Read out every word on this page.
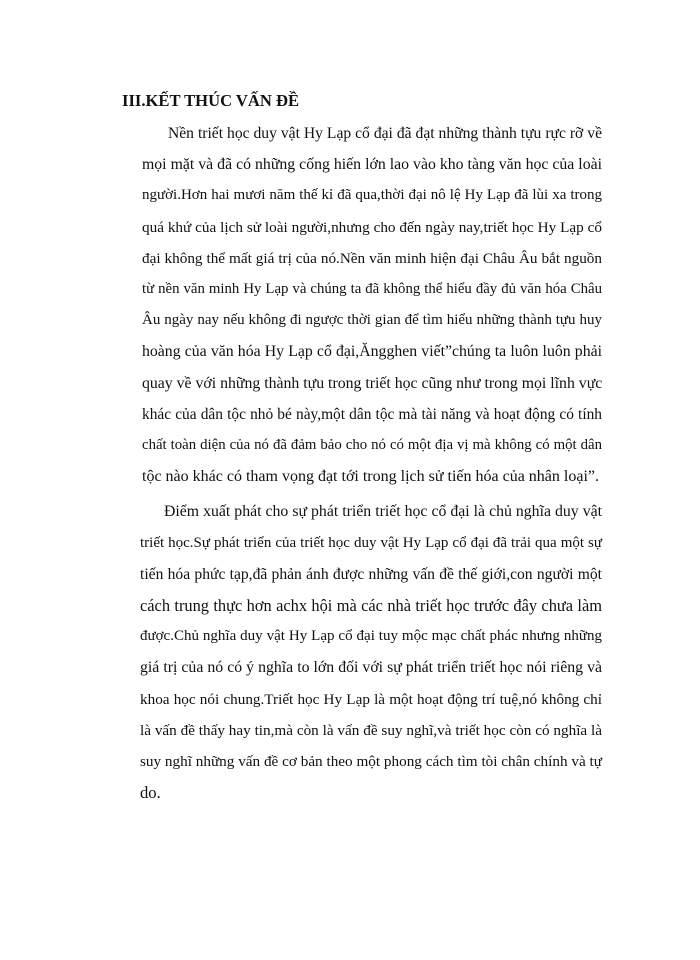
III.KẾT THÚC VẤN ĐỀ
Nền triết học duy vật Hy Lạp cổ đại đã đạt những thành tựu rực rỡ về
mọi mặt và đã có những cống hiến lớn lao vào kho tàng văn học của loài
người.Hơn hai mươi năm thế kỉ đã qua,thời đại nô lệ Hy Lạp đã lùi xa trong
quá khứ của lịch sử loài người,nhưng cho đến ngày nay,triết học Hy Lạp cổ
đại không thể mất giá trị của nó.Nền văn minh hiện đại Châu Âu bắt nguồn
từ nền văn minh Hy Lạp và chúng ta đã không thể hiểu đầy đủ văn hóa Châu
Âu ngày nay nếu không đi ngược thời gian để tìm hiểu những thành tựu huy
hoàng của văn hóa Hy Lạp cổ đại,Ăngghen viết”chúng ta luôn luôn phải
quay về với những thành tựu trong triết học cũng như trong mọi lĩnh vực
khác của dân tộc nhỏ bé này,một dân tộc mà tài năng và hoạt động có tính
chất toàn diện của nó đã đảm bảo cho nó có một địa vị mà không có một dân
tộc nào khác có tham vọng đạt tới trong lịch sử tiến hóa của nhân loại”.
Điểm xuất phát cho sự phát triển triết học cổ đại là chủ nghĩa duy vật
triết học.Sự phát triển của triết học duy vật Hy Lạp cổ đại đã trải qua một sự
tiến hóa phức tạp,đã phản ánh được những vấn đề thế giới,con người một
cách trung thực hơn achx hội mà các nhà triết học trước đây chưa làm
được.Chủ nghĩa duy vật Hy Lạp cổ đại tuy mộc mạc chất phác nhưng những
giá trị của nó có ý nghĩa to lớn đối với sự phát triển triết học nói riêng và
khoa học nói chung.Triết học Hy Lạp là một hoạt động trí tuệ,nó không chỉ
là vấn đề thấy hay tin,mà còn là vấn đề suy nghĩ,và triết học còn có nghĩa là
suy nghĩ những vấn đề cơ bản theo một phong cách tìm tòi chân chính và tự
do.
